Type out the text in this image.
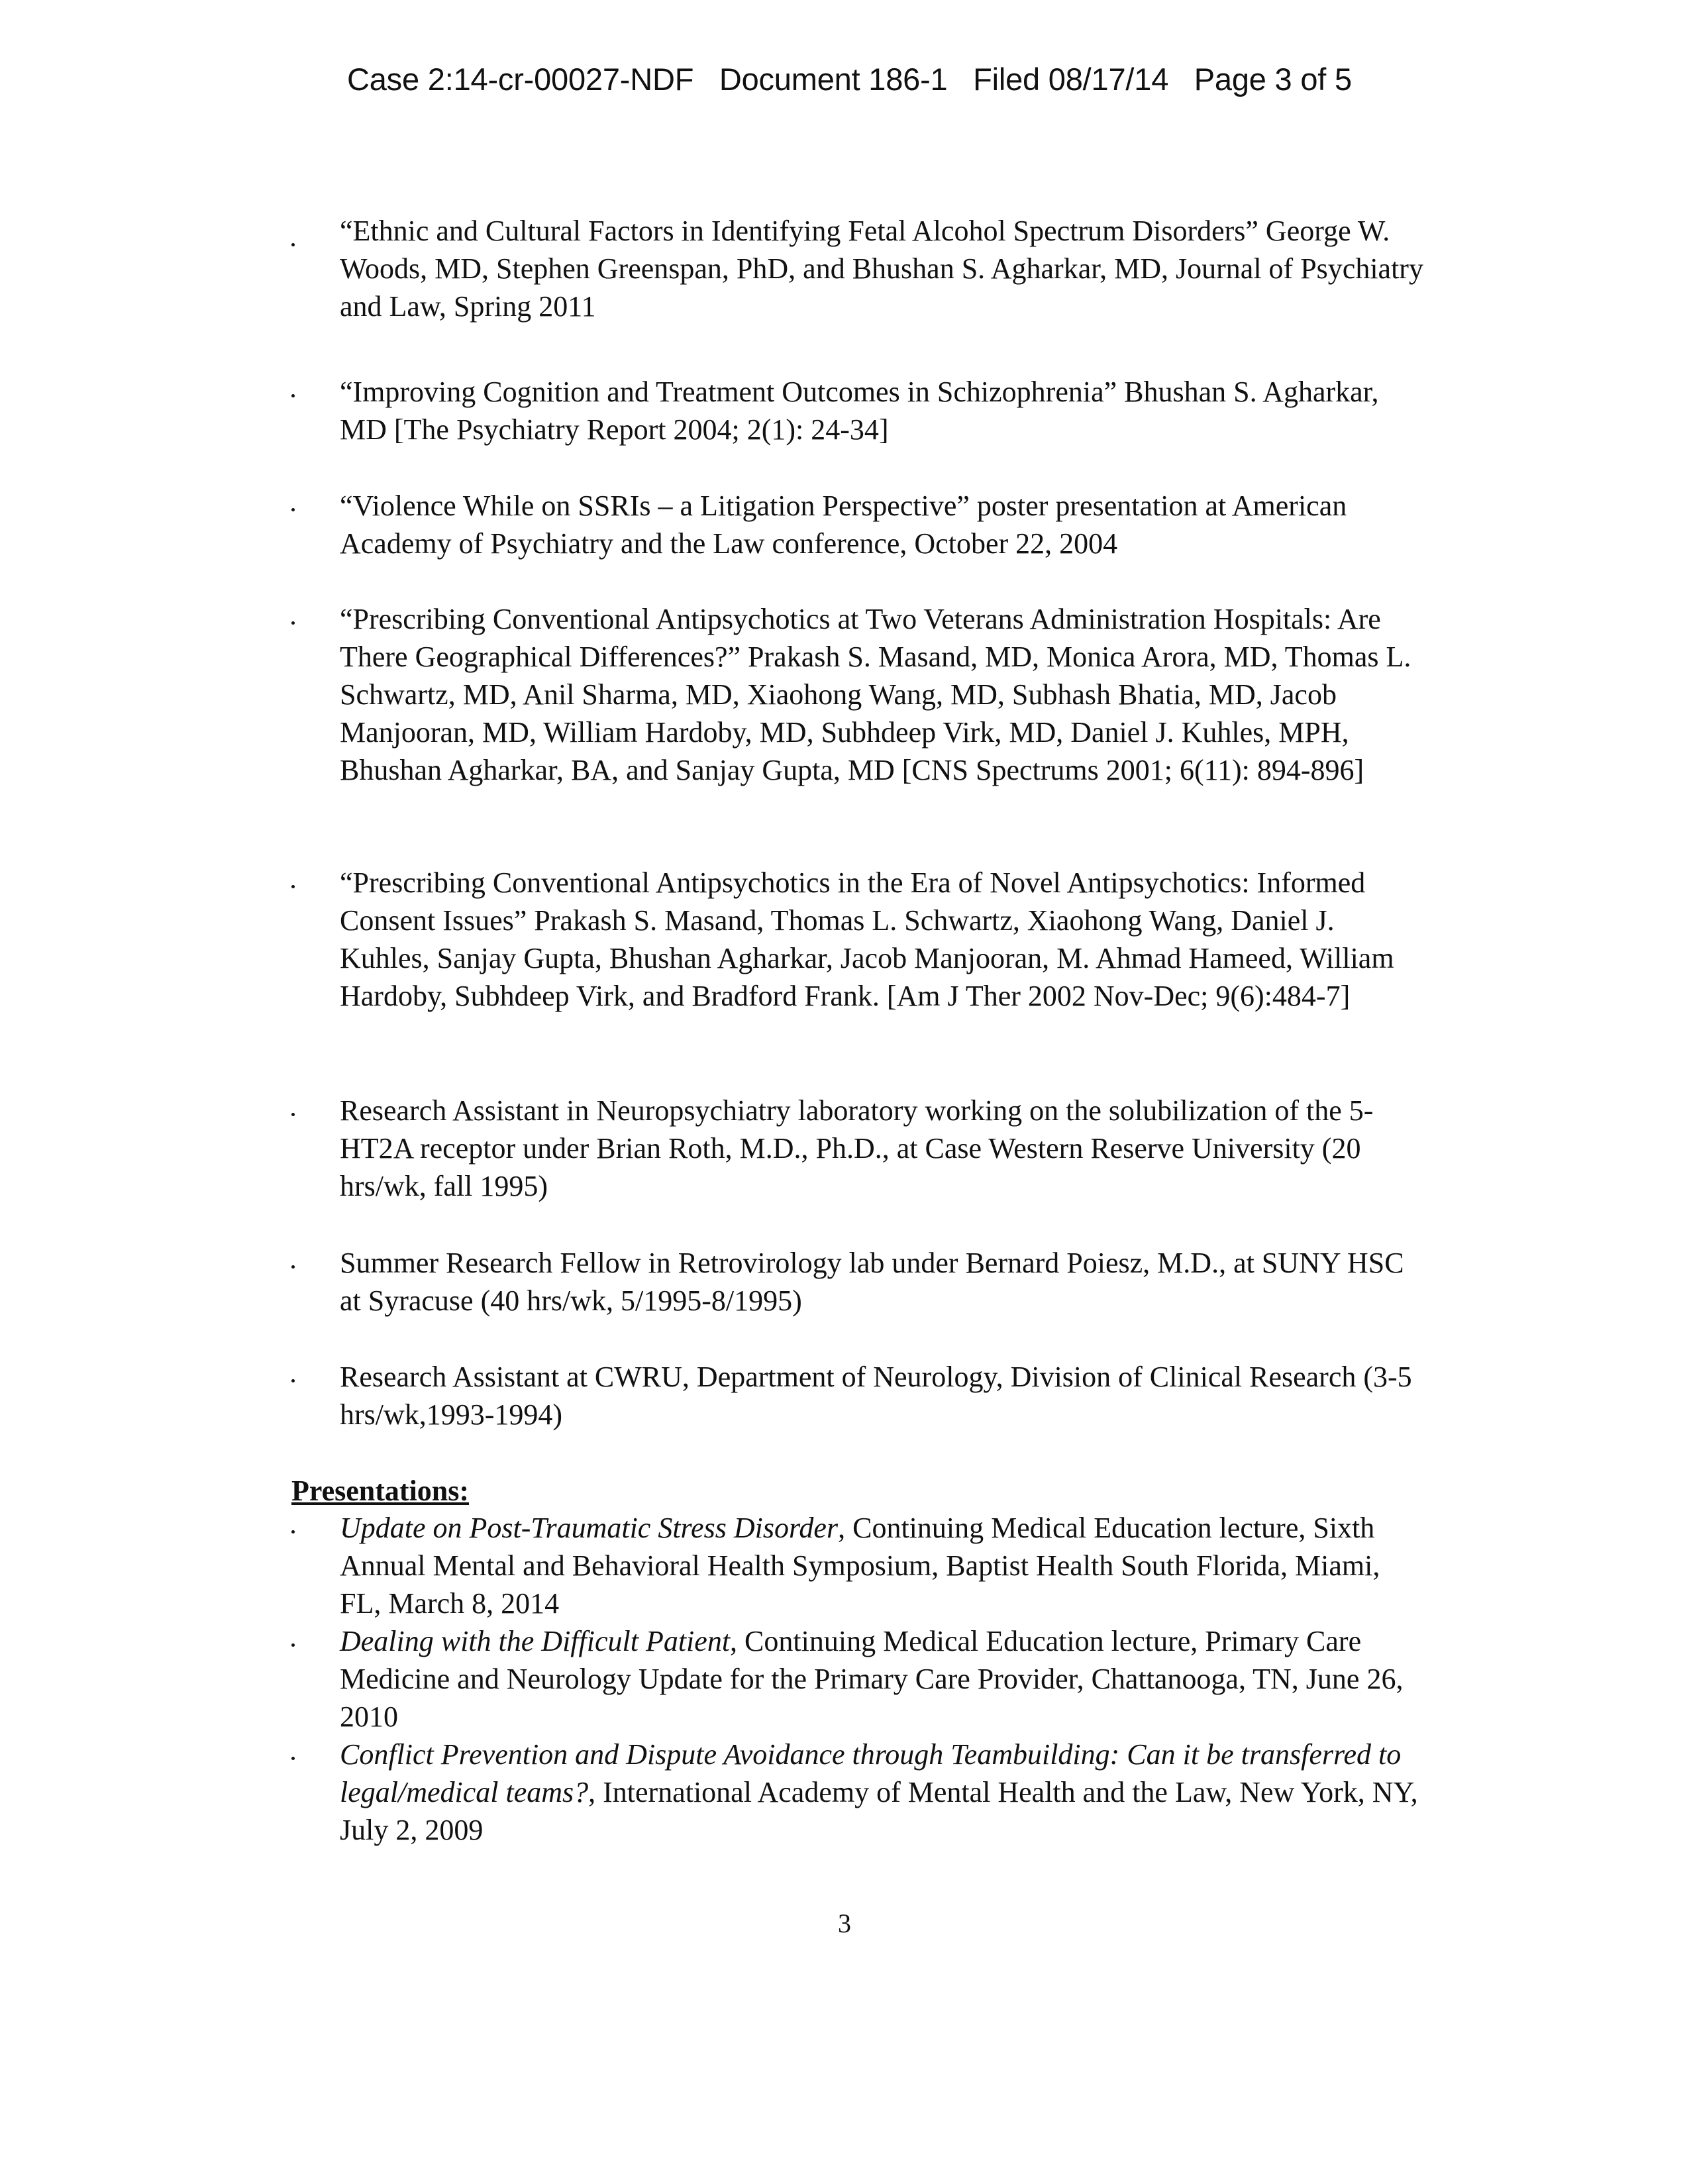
Case 2:14-cr-00027-NDF   Document 186-1   Filed 08/17/14   Page 3 of 5
“Ethnic and Cultural Factors in Identifying Fetal Alcohol Spectrum Disorders” George W. Woods, MD, Stephen Greenspan, PhD, and Bhushan S. Agharkar, MD, Journal of Psychiatry and Law, Spring 2011
“Improving Cognition and Treatment Outcomes in Schizophrenia” Bhushan S. Agharkar, MD [The Psychiatry Report 2004; 2(1): 24-34]
“Violence While on SSRIs – a Litigation Perspective” poster presentation at American Academy of Psychiatry and the Law conference, October 22, 2004
“Prescribing Conventional Antipsychotics at Two Veterans Administration Hospitals: Are There Geographical Differences?” Prakash S. Masand, MD, Monica Arora, MD, Thomas L. Schwartz, MD, Anil Sharma, MD, Xiaohong Wang, MD, Subhash Bhatia, MD, Jacob Manjooran, MD, William Hardoby, MD, Subhdeep Virk, MD, Daniel J. Kuhles, MPH, Bhushan Agharkar, BA, and Sanjay Gupta, MD [CNS Spectrums 2001; 6(11): 894-896]
“Prescribing Conventional Antipsychotics in the Era of Novel Antipsychotics: Informed Consent Issues” Prakash S. Masand, Thomas L. Schwartz, Xiaohong Wang, Daniel J. Kuhles, Sanjay Gupta, Bhushan Agharkar, Jacob Manjooran, M. Ahmad Hameed, William Hardoby, Subhdeep Virk, and Bradford Frank. [Am J Ther 2002 Nov-Dec; 9(6):484-7]
Research Assistant in Neuropsychiatry laboratory working on the solubilization of the 5-HT2A receptor under Brian Roth, M.D., Ph.D., at Case Western Reserve University (20 hrs/wk, fall 1995)
Summer Research Fellow in Retrovirology lab under Bernard Poiesz, M.D., at SUNY HSC at Syracuse (40 hrs/wk, 5/1995-8/1995)
Research Assistant at CWRU, Department of Neurology, Division of Clinical Research (3-5 hrs/wk,1993-1994)
Presentations:
Update on Post-Traumatic Stress Disorder, Continuing Medical Education lecture, Sixth Annual Mental and Behavioral Health Symposium, Baptist Health South Florida, Miami, FL, March 8, 2014
Dealing with the Difficult Patient, Continuing Medical Education lecture, Primary Care Medicine and Neurology Update for the Primary Care Provider, Chattanooga, TN, June 26, 2010
Conflict Prevention and Dispute Avoidance through Teambuilding: Can it be transferred to legal/medical teams?, International Academy of Mental Health and the Law, New York, NY, July 2, 2009
3
